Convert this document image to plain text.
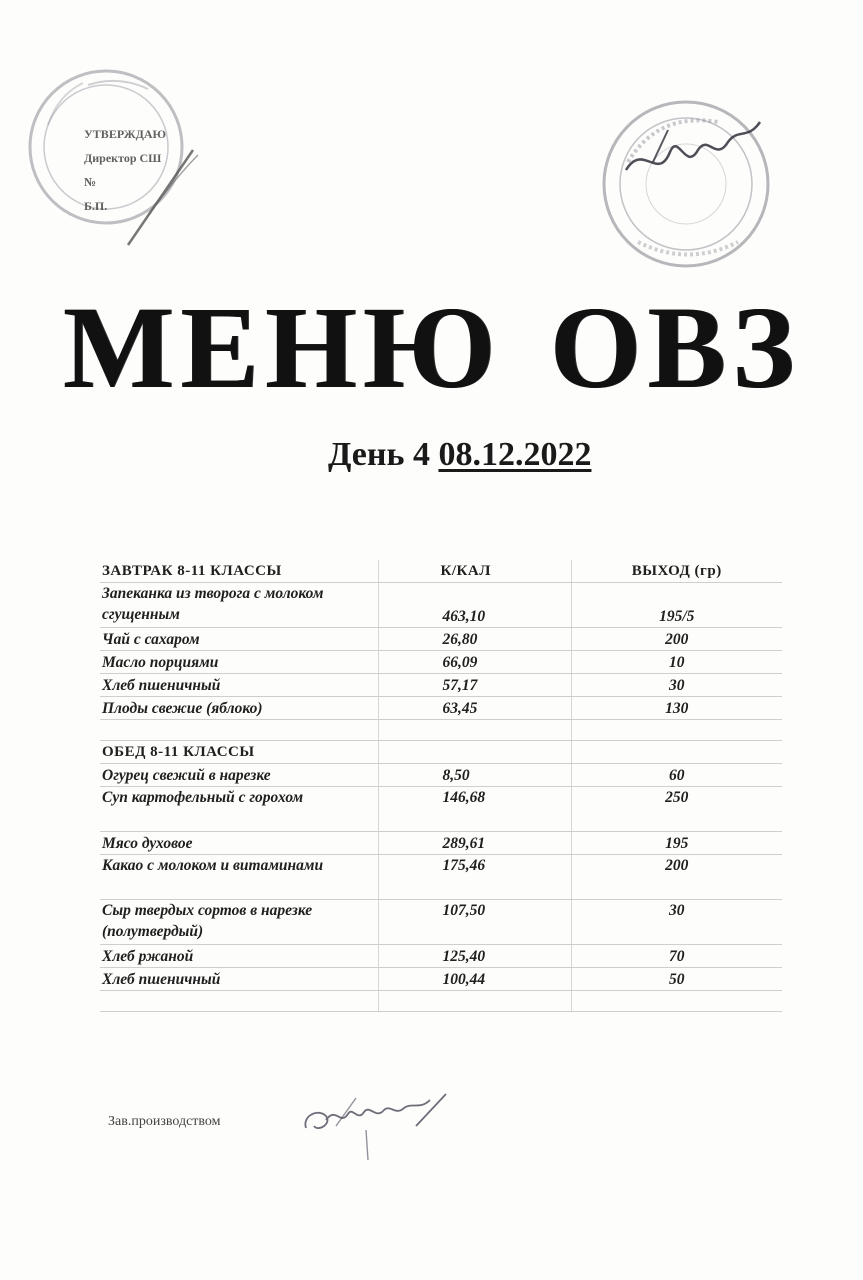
УТВЕРЖДАЮ
Директор СШ
№
Б.П.
МЕНЮ ОВЗ
День 4 08.12.2022
ЗАВТРАК 8-11 КЛАССЫ	К/КАЛ	ВЫХОД (гр)
Запеканка из творога с молоком сгущенным	463,10	195/5
Чай с сахаром	26,80	200
Масло порциями	66,09	10
Хлеб пшеничный	57,17	30
Плоды свежие (яблоко)	63,45	130

ОБЕД 8-11 КЛАССЫ		
Огурец свежий в нарезке	8,50	60
Суп картофельный с горохом	146,68	250
Мясо духовое	289,61	195
Какао с молоком и витаминами	175,46	200
Сыр твердых сортов в нарезке (полутвердый)	107,50	30
Хлеб ржаной	125,40	70
Хлеб пшеничный	100,44	50

Зав.производством
